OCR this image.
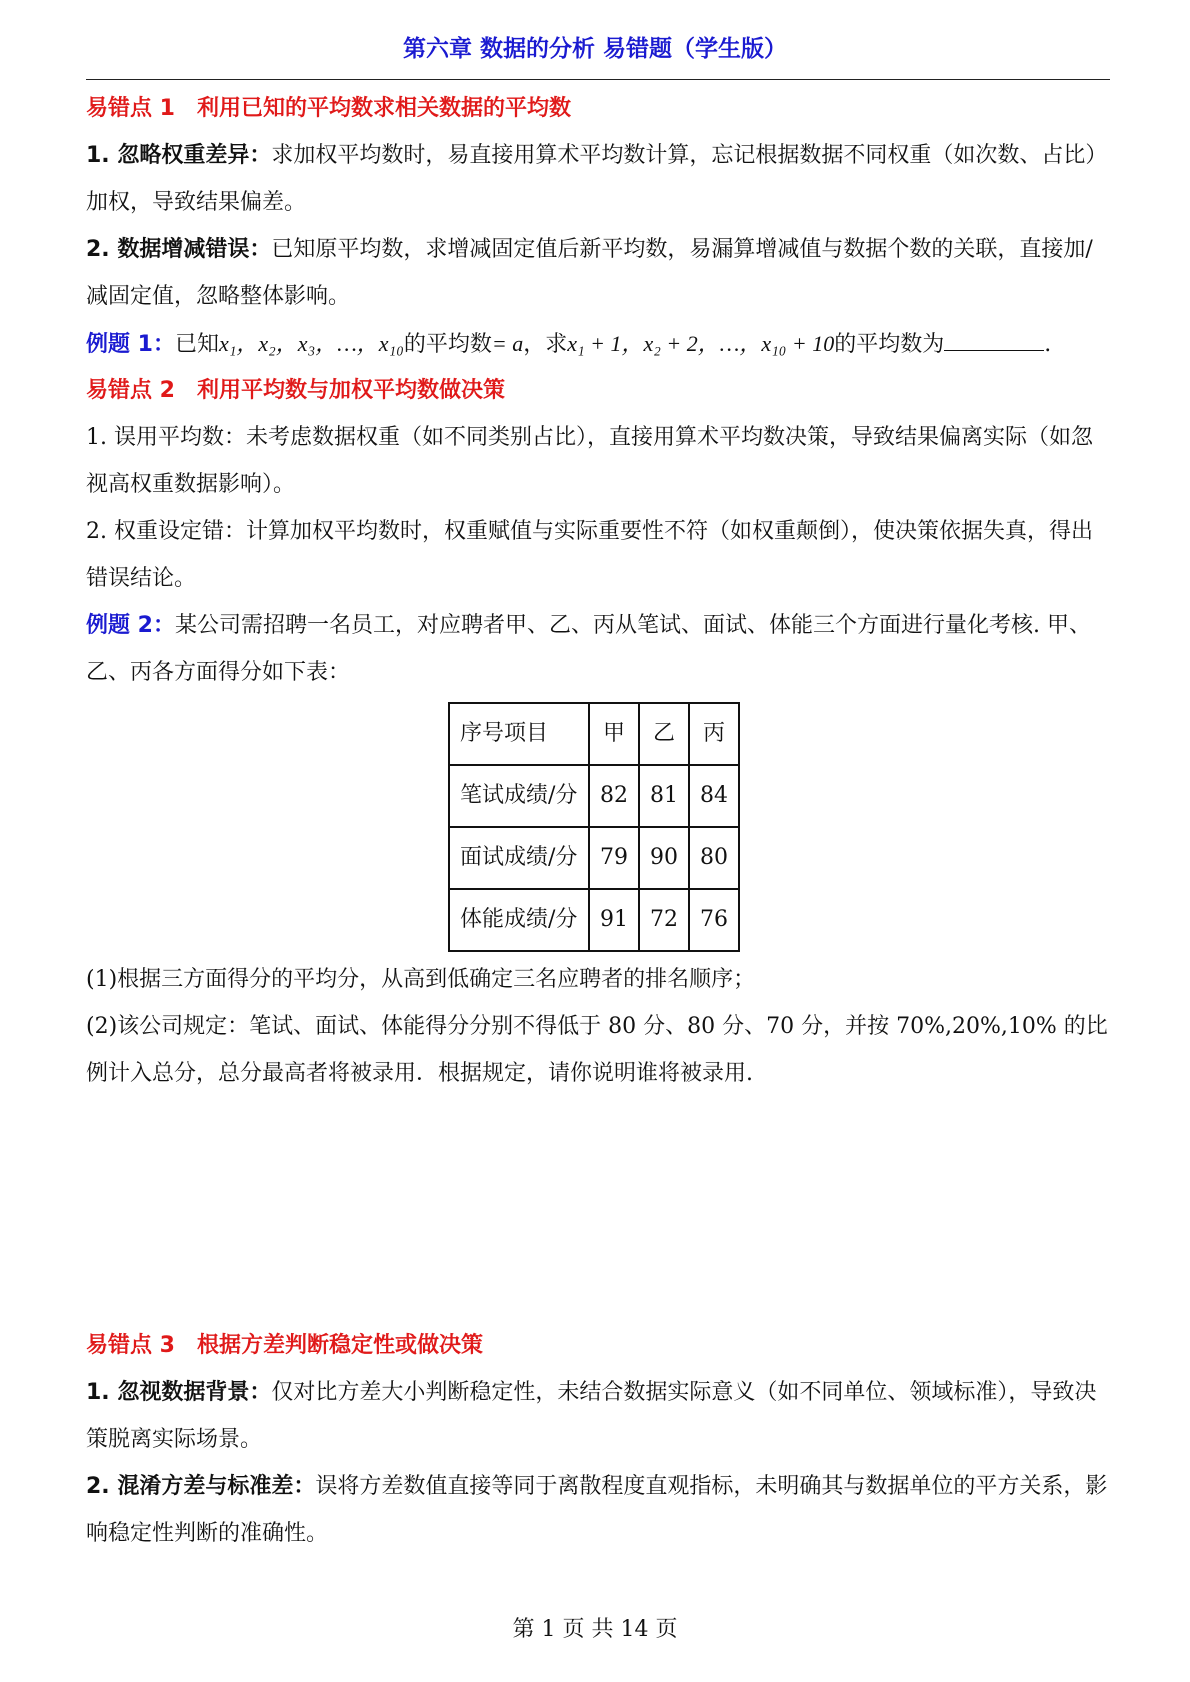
第六章 数据的分析 易错题（学生版）
易错点 1 利用已知的平均数求相关数据的平均数

1. 忽略权重差异：求加权平均数时，易直接用算术平均数计算，忘记根据数据不同权重（如次数、占比）加权，导致结果偏差。

2. 数据增减错误：已知原平均数，求增减固定值后新平均数，易漏算增减值与数据个数的关联，直接加/减固定值，忽略整体影响。

例题 1：已知x₁，x₂，x₃，…，x₁₀的平均数= a，求x₁ + 1，x₂ + 2，…，x₁₀ + 10的平均数为	.

易错点 2 利用平均数与加权平均数做决策

1. 误用平均数：未考虑数据权重（如不同类别占比），直接用算术平均数决策，导致结果偏离实际（如忽视高权重数据影响）。

2. 权重设定错：计算加权平均数时，权重赋值与实际重要性不符（如权重颠倒），使决策依据失真，得出错误结论。

例题 2：某公司需招聘一名员工，对应聘者甲、乙、丙从笔试、面试、体能三个方面进行量化考核. 甲、乙、丙各方面得分如下表：

序号项目	甲	乙	丙
笔试成绩/分	82	81	84
面试成绩/分	79	90	80
体能成绩/分	91	72	76

(1)根据三方面得分的平均分，从高到低确定三名应聘者的排名顺序；

(2)该公司规定：笔试、面试、体能得分分别不得低于 80 分、80 分、70 分，并按 70%,20%,10% 的比例计入总分，总分最高者将被录用．根据规定，请你说明谁将被录用.

易错点 3 根据方差判断稳定性或做决策

1. 忽视数据背景：仅对比方差大小判断稳定性，未结合数据实际意义（如不同单位、领域标准），导致决策脱离实际场景。

2. 混淆方差与标准差：误将方差数值直接等同于离散程度直观指标，未明确其与数据单位的平方关系，影响稳定性判断的准确性。

第 1 页 共 14 页
